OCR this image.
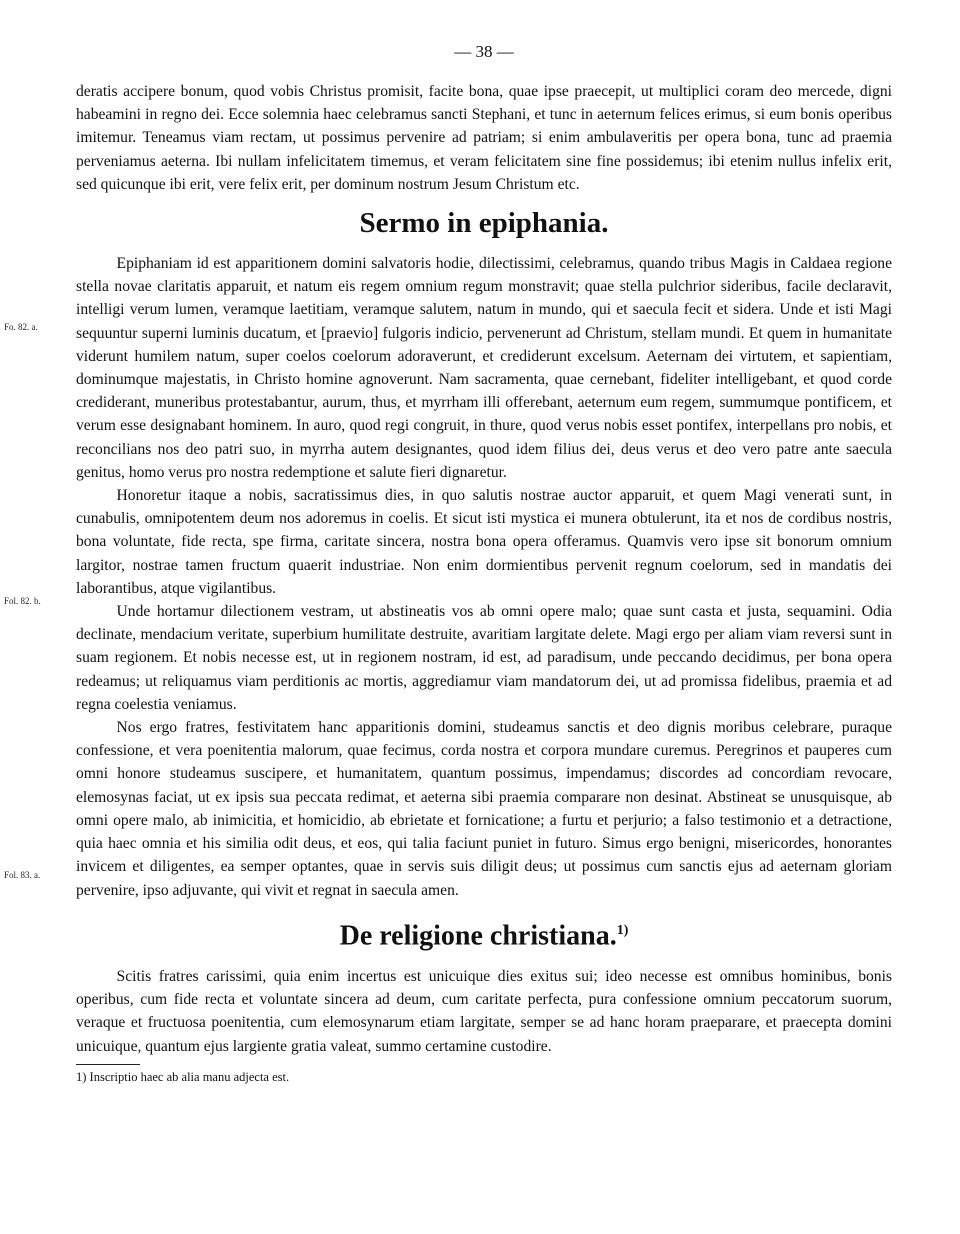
— 38 —
Fo. 82. a.
Fol. 82. b.
Fol. 83. a.

deratis accipere bonum, quod vobis Christus promisit, facite bona, quae ipse praecepit, ut multiplici coram deo mercede, digni habeamini in regno dei. Ecce solemnia haec celebramus sancti Stephani, et tunc in aeternum felices erimus, si eum bonis operibus imitemur. Teneamus viam rectam, ut possimus pervenire ad patriam; si enim ambulaveritis per opera bona, tunc ad praemia perveniamus aeterna. Ibi nullam infelicitatem timemus, et veram felicitatem sine fine possidemus; ibi etenim nullus infelix erit, sed quicunque ibi erit, vere felix erit, per dominum nostrum Jesum Christum etc.

Sermo in epiphania.

Epiphaniam id est apparitionem domini salvatoris hodie, dilectissimi, celebramus, quando tribus Magis in Caldaea regione stella novae claritatis apparuit, et natum eis regem omnium regum monstravit; quae stella pulchrior sideribus, facile declaravit, intelligi verum lumen, veramque laetitiam, veramque salutem, natum in mundo, qui et saecula fecit et sidera. Unde et isti Magi sequuntur superni luminis ducatum, et [praevio] fulgoris indicio, pervenerunt ad Christum, stellam mundi. Et quem in humanitate viderunt humilem natum, super coelos coelorum adoraverunt, et crediderunt excelsum. Aeternam dei virtutem, et sapientiam, dominumque majestatis, in Christo homine agnoverunt. Nam sacramenta, quae cernebant, fideliter intelligebant, et quod corde crediderant, muneribus protestabantur, aurum, thus, et myrrham illi offerebant, aeternum eum regem, summumque pontificem, et verum esse designabant hominem. In auro, quod regi congruit, in thure, quod verus nobis esset pontifex, interpellans pro nobis, et reconcilians nos deo patri suo, in myrrha autem designantes, quod idem filius dei, deus verus et deo vero patre ante saecula genitus, homo verus pro nostra redemptione et salute fieri dignaretur.

Honoretur itaque a nobis, sacratissimus dies, in quo salutis nostrae auctor apparuit, et quem Magi venerati sunt, in cunabulis, omnipotentem deum nos adoremus in coelis. Et sicut isti mystica ei munera obtulerunt, ita et nos de cordibus nostris, bona voluntate, fide recta, spe firma, caritate sincera, nostra bona opera offeramus. Quamvis vero ipse sit bonorum omnium largitor, nostrae tamen fructum quaerit industriae. Non enim dormientibus pervenit regnum coelorum, sed in mandatis dei laborantibus, atque vigilantibus.

Unde hortamur dilectionem vestram, ut abstineatis vos ab omni opere malo; quae sunt casta et justa, sequamini. Odia declinate, mendacium veritate, superbium humilitate destruite, avaritiam largitate delete. Magi ergo per aliam viam reversi sunt in suam regionem. Et nobis necesse est, ut in regionem nostram, id est, ad paradisum, unde peccando decidimus, per bona opera redeamus; ut reliquamus viam perditionis ac mortis, aggrediamur viam mandatorum dei, ut ad promissa fidelibus, praemia et ad regna coelestia veniamus.

Nos ergo fratres, festivitatem hanc apparitionis domini, studeamus sanctis et deo dignis moribus celebrare, puraque confessione, et vera poenitentia malorum, quae fecimus, corda nostra et corpora mundare curemus. Peregrinos et pauperes cum omni honore studeamus suscipere, et humanitatem, quantum possimus, impendamus; discordes ad concordiam revocare, elemosynas faciat, ut ex ipsis sua peccata redimat, et aeterna sibi praemia comparare non desinat. Abstineat se unusquisque, ab omni opere malo, ab inimicitia, et homicidio, ab ebrietate et fornicatione; a furtu et perjurio; a falso testimonio et a detractione, quia haec omnia et his similia odit deus, et eos, qui talia faciunt puniet in futuro. Simus ergo benigni, misericordes, honorantes invicem et diligentes, ea semper optantes, quae in servis suis diligit deus; ut possimus cum sanctis ejus ad aeternam gloriam pervenire, ipso adjuvante, qui vivit et regnat in saecula amen.

De religione christiana.$^{1)}$

Scitis fratres carissimi, quia enim incertus est unicuique dies exitus sui; ideo necesse est omnibus hominibus, bonis operibus, cum fide recta et voluntate sincera ad deum, cum caritate perfecta, pura confessione omnium peccatorum suorum, veraque et fructuosa poenitentia, cum elemosynarum etiam largitate, semper se ad hanc horam praeparare, et praecepta domini unicuique, quantum ejus largiente gratia valeat, summo certamine custodire.

1) Inscriptio haec ab alia manu adjecta est.
